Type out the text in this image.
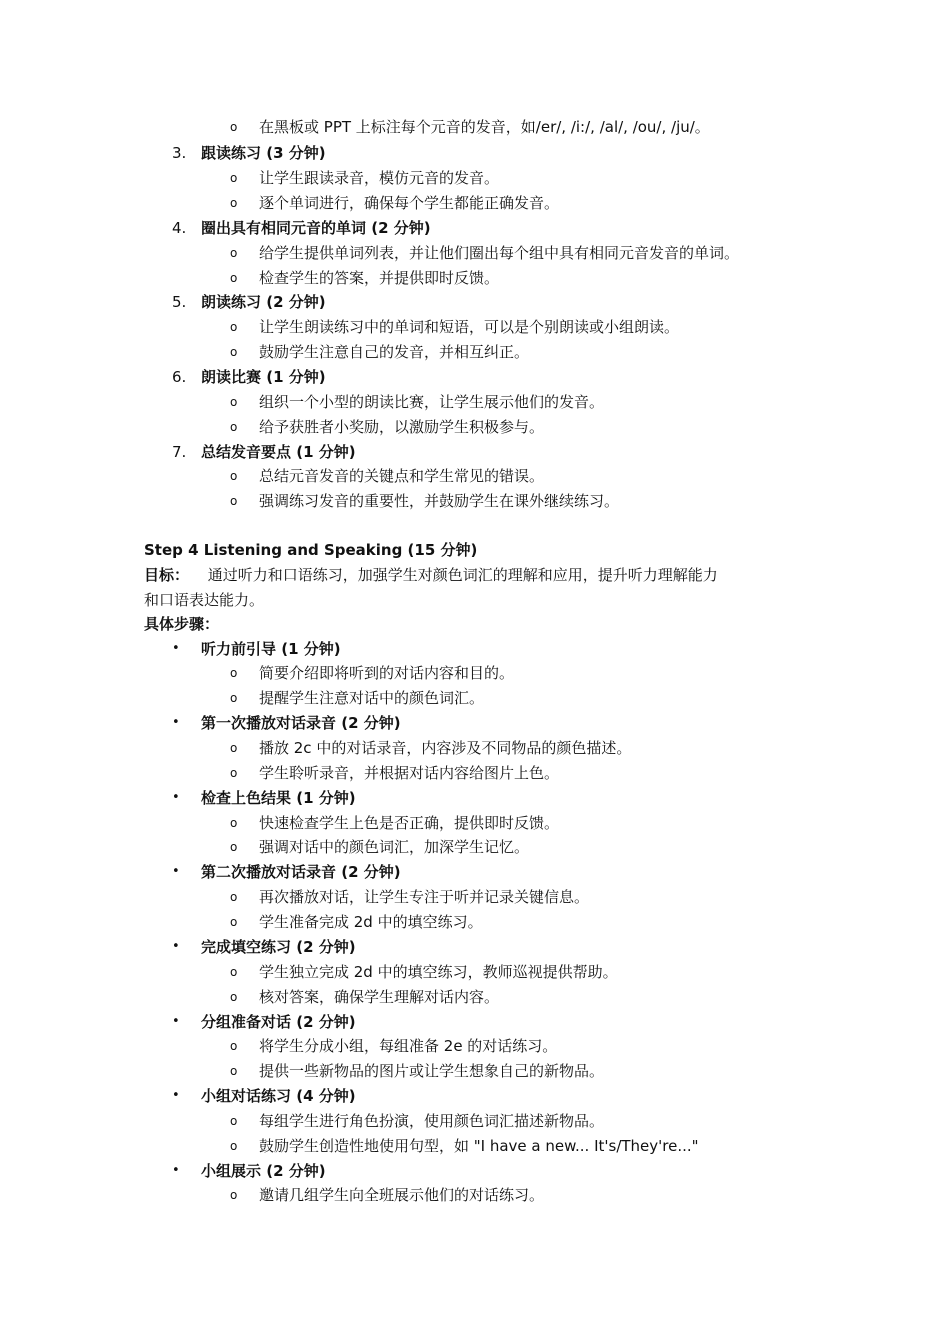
o 在黑板或 PPT 上标注每个元音的发音，如/er/, /i:/, /al/, /ou/, /ju/。
3. 跟读练习 (3 分钟)
o 让学生跟读录音，模仿元音的发音。
o 逐个单词进行，确保每个学生都能正确发音。
4. 圈出具有相同元音的单词 (2 分钟)
o 给学生提供单词列表，并让他们圈出每个组中具有相同元音发音的单词。
o 检查学生的答案，并提供即时反馈。
5. 朗读练习 (2 分钟)
o 让学生朗读练习中的单词和短语，可以是个别朗读或小组朗读。
o 鼓励学生注意自己的发音，并相互纠正。
6. 朗读比赛 (1 分钟)
o 组织一个小型的朗读比赛，让学生展示他们的发音。
o 给予获胜者小奖励，以激励学生积极参与。
7. 总结发音要点 (1 分钟)
o 总结元音发音的关键点和学生常见的错误。
o 强调练习发音的重要性，并鼓励学生在课外继续练习。
Step 4 Listening and Speaking (15 分钟)
目标： 通过听力和口语练习，加强学生对颜色词汇的理解和应用，提升听力理解能力
和口语表达能力。
具体步骤：
• 听力前引导 (1 分钟)
o 简要介绍即将听到的对话内容和目的。
o 提醒学生注意对话中的颜色词汇。
• 第一次播放对话录音 (2 分钟)
o 播放 2c 中的对话录音，内容涉及不同物品的颜色描述。
o 学生聆听录音，并根据对话内容给图片上色。
• 检查上色结果 (1 分钟)
o 快速检查学生上色是否正确，提供即时反馈。
o 强调对话中的颜色词汇，加深学生记忆。
• 第二次播放对话录音 (2 分钟)
o 再次播放对话，让学生专注于听并记录关键信息。
o 学生准备完成 2d 中的填空练习。
• 完成填空练习 (2 分钟)
o 学生独立完成 2d 中的填空练习，教师巡视提供帮助。
o 核对答案，确保学生理解对话内容。
• 分组准备对话 (2 分钟)
o 将学生分成小组，每组准备 2e 的对话练习。
o 提供一些新物品的图片或让学生想象自己的新物品。
• 小组对话练习 (4 分钟)
o 每组学生进行角色扮演，使用颜色词汇描述新物品。
o 鼓励学生创造性地使用句型，如 "I have a new... It's/They're..."
• 小组展示 (2 分钟)
o 邀请几组学生向全班展示他们的对话练习。
